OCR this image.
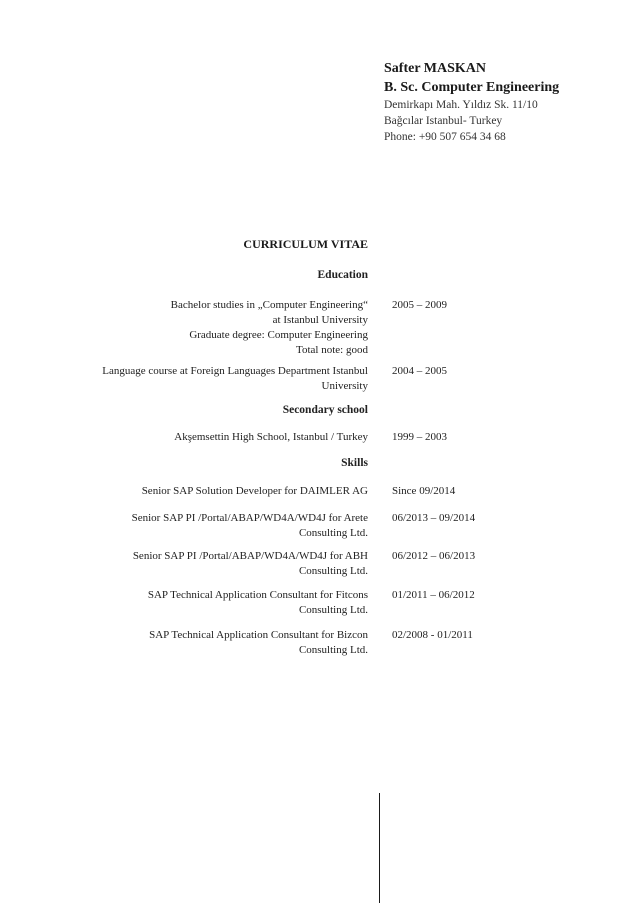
Safter MASKAN
B. Sc. Computer Engineering
Demirkapı Mah. Yıldız Sk. 11/10
Bağcılar Istanbul- Turkey
Phone: +90 507 654 34 68
CURRICULUM VITAE
Education
Bachelor studies in „Computer Engineering“
at Istanbul University
Graduate degree: Computer Engineering
Total note: good
2005 – 2009
Language course at Foreign Languages Department Istanbul
University
2004 – 2005
Secondary school
Akşemsettin High School, Istanbul / Turkey 1999 – 2003
Skills
Senior SAP Solution Developer for DAIMLER AG Since 09/2014
Senior SAP PI /Portal/ABAP/WD4A/WD4J for Arete
Consulting Ltd.
06/2013 – 09/2014
Senior SAP PI /Portal/ABAP/WD4A/WD4J for ABH
Consulting Ltd.
06/2012 – 06/2013
SAP Technical Application Consultant for Fitcons
Consulting Ltd.
01/2011 – 06/2012
SAP Technical Application Consultant for Bizcon
Consulting Ltd.
02/2008 - 01/2011
